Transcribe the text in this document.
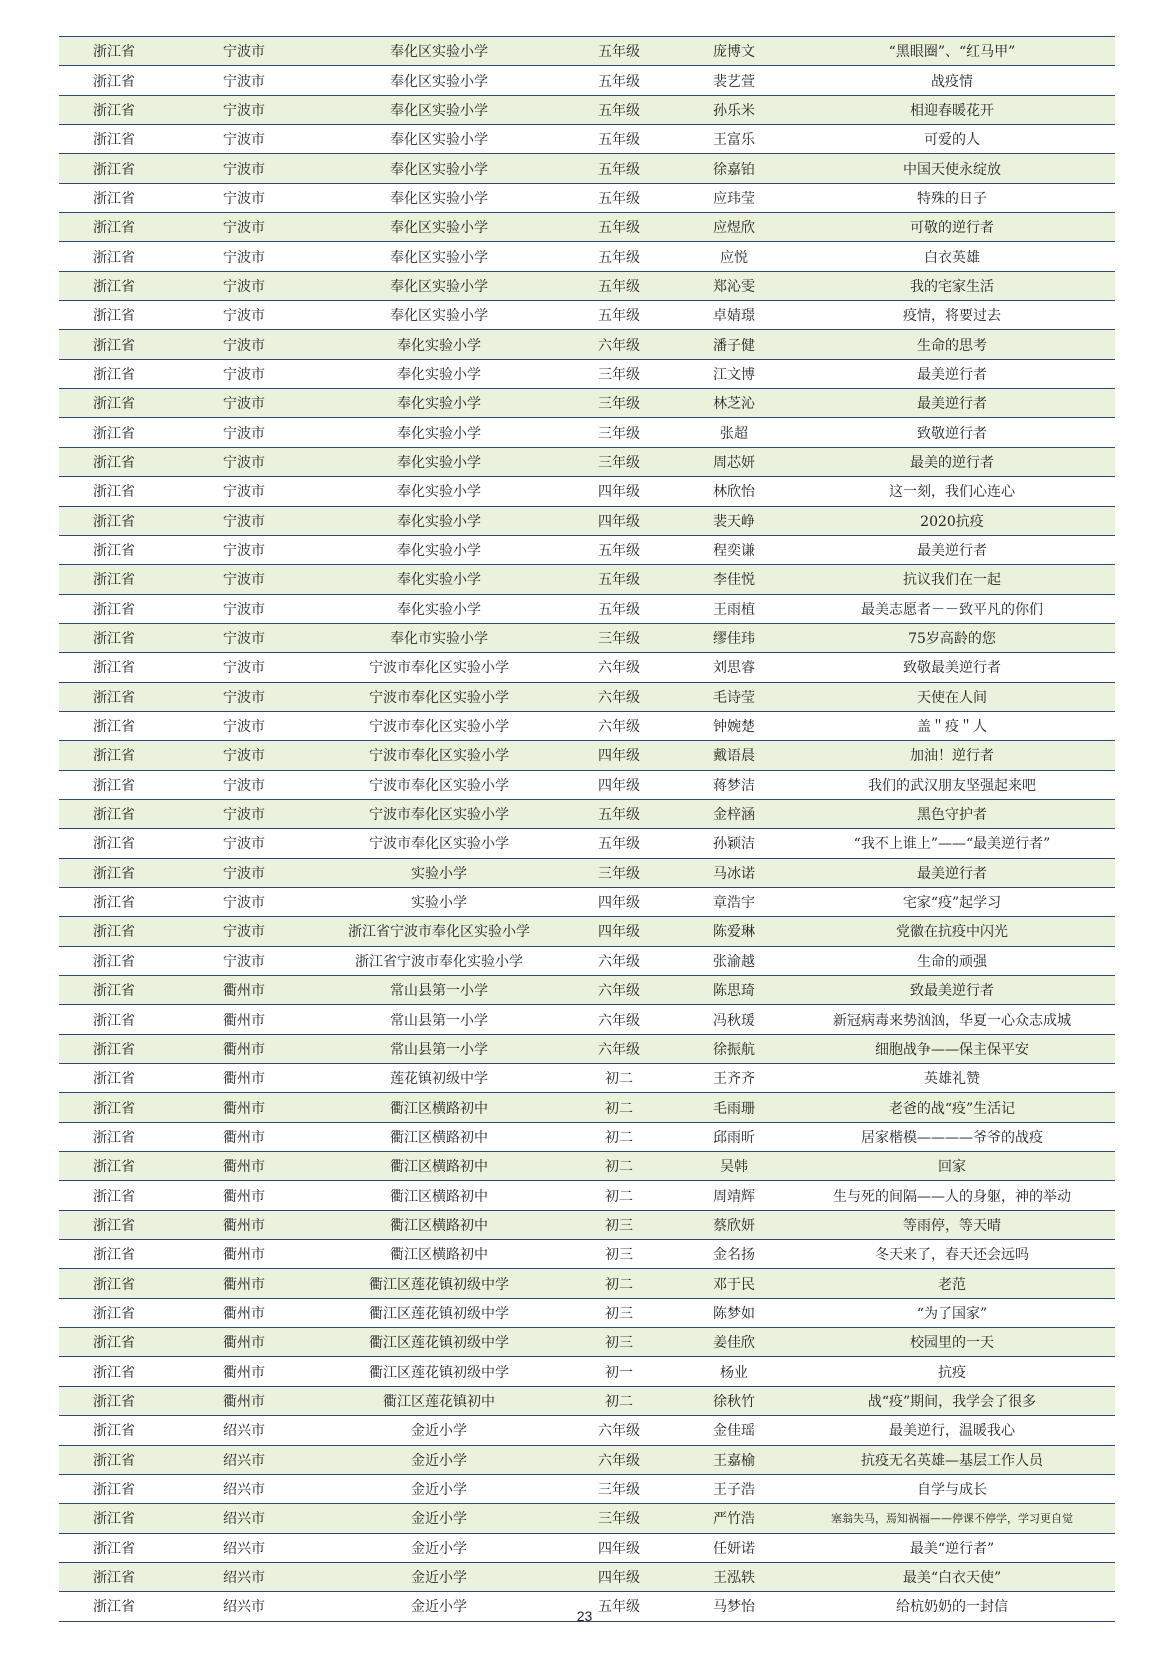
浙江省	宁波市	奉化区实验小学	五年级	庞博文	“黑眼圈”、“红马甲”
浙江省	宁波市	奉化区实验小学	五年级	裴艺萱	战疫情
浙江省	宁波市	奉化区实验小学	五年级	孙乐米	相迎春暖花开
浙江省	宁波市	奉化区实验小学	五年级	王富乐	可爱的人
浙江省	宁波市	奉化区实验小学	五年级	徐嘉铂	中国天使永绽放
浙江省	宁波市	奉化区实验小学	五年级	应玮莹	特殊的日子
浙江省	宁波市	奉化区实验小学	五年级	应煜欣	可敬的逆行者
浙江省	宁波市	奉化区实验小学	五年级	应悦	白衣英雄
浙江省	宁波市	奉化区实验小学	五年级	郑沁雯	我的宅家生活
浙江省	宁波市	奉化区实验小学	五年级	卓婧璟	疫情，将要过去
浙江省	宁波市	奉化实验小学	六年级	潘子健	生命的思考
浙江省	宁波市	奉化实验小学	三年级	江文博	最美逆行者
浙江省	宁波市	奉化实验小学	三年级	林芝沁	最美逆行者
浙江省	宁波市	奉化实验小学	三年级	张超	致敬逆行者
浙江省	宁波市	奉化实验小学	三年级	周芯妍	最美的逆行者
浙江省	宁波市	奉化实验小学	四年级	林欣怡	这一刻，我们心连心
浙江省	宁波市	奉化实验小学	四年级	裴天峥	2020抗疫
浙江省	宁波市	奉化实验小学	五年级	程奕谦	最美逆行者
浙江省	宁波市	奉化实验小学	五年级	李佳悦	抗议我们在一起
浙江省	宁波市	奉化实验小学	五年级	王雨植	最美志愿者－－致平凡的你们
浙江省	宁波市	奉化市实验小学	三年级	缪佳玮	75岁高龄的您
浙江省	宁波市	宁波市奉化区实验小学	六年级	刘思睿	致敬最美逆行者
浙江省	宁波市	宁波市奉化区实验小学	六年级	毛诗莹	天使在人间
浙江省	宁波市	宁波市奉化区实验小学	六年级	钟婉楚	盖＂疫＂人
浙江省	宁波市	宁波市奉化区实验小学	四年级	戴语晨	加油！逆行者
浙江省	宁波市	宁波市奉化区实验小学	四年级	蒋梦洁	我们的武汉朋友坚强起来吧
浙江省	宁波市	宁波市奉化区实验小学	五年级	金梓涵	黑色守护者
浙江省	宁波市	宁波市奉化区实验小学	五年级	孙颖洁	“我不上谁上”——“最美逆行者”
浙江省	宁波市	实验小学	三年级	马冰诺	最美逆行者
浙江省	宁波市	实验小学	四年级	章浩宇	宅家“疫”起学习
浙江省	宁波市	浙江省宁波市奉化区实验小学	四年级	陈爱琳	党徽在抗疫中闪光
浙江省	宁波市	浙江省宁波市奉化实验小学	六年级	张渝越	生命的顽强
浙江省	衢州市	常山县第一小学	六年级	陈思琦	致最美逆行者
浙江省	衢州市	常山县第一小学	六年级	冯秋瑗	新冠病毒来势汹汹，华夏一心众志成城
浙江省	衢州市	常山县第一小学	六年级	徐振航	细胞战争——保主保平安
浙江省	衢州市	莲花镇初级中学	初二	王齐齐	英雄礼赞
浙江省	衢州市	衢江区横路初中	初二	毛雨珊	老爸的战“疫”生活记
浙江省	衢州市	衢江区横路初中	初二	邱雨昕	居家楷模————爷爷的战疫
浙江省	衢州市	衢江区横路初中	初二	吴韩	回家
浙江省	衢州市	衢江区横路初中	初二	周靖辉	生与死的间隔——人的身躯，神的举动
浙江省	衢州市	衢江区横路初中	初三	蔡欣妍	等雨停，等天晴
浙江省	衢州市	衢江区横路初中	初三	金名扬	冬天来了，春天还会远吗
浙江省	衢州市	衢江区莲花镇初级中学	初二	邓于民	老范
浙江省	衢州市	衢江区莲花镇初级中学	初三	陈梦如	“为了国家”
浙江省	衢州市	衢江区莲花镇初级中学	初三	姜佳欣	校园里的一天
浙江省	衢州市	衢江区莲花镇初级中学	初一	杨业	抗疫
浙江省	衢州市	衢江区莲花镇初中	初二	徐秋竹	战“疫”期间，我学会了很多
浙江省	绍兴市	金近小学	六年级	金佳瑶	最美逆行，温暖我心
浙江省	绍兴市	金近小学	六年级	王嘉榆	抗疫无名英雄—基层工作人员
浙江省	绍兴市	金近小学	三年级	王子浩	自学与成长
浙江省	绍兴市	金近小学	三年级	严竹浩	塞翁失马，焉知祸福——停课不停学，学习更自觉
浙江省	绍兴市	金近小学	四年级	任妍诺	最美“逆行者”
浙江省	绍兴市	金近小学	四年级	王泓轶	最美“白衣天使”
浙江省	绍兴市	金近小学	五年级	马梦怡	给杭奶奶的一封信
23
